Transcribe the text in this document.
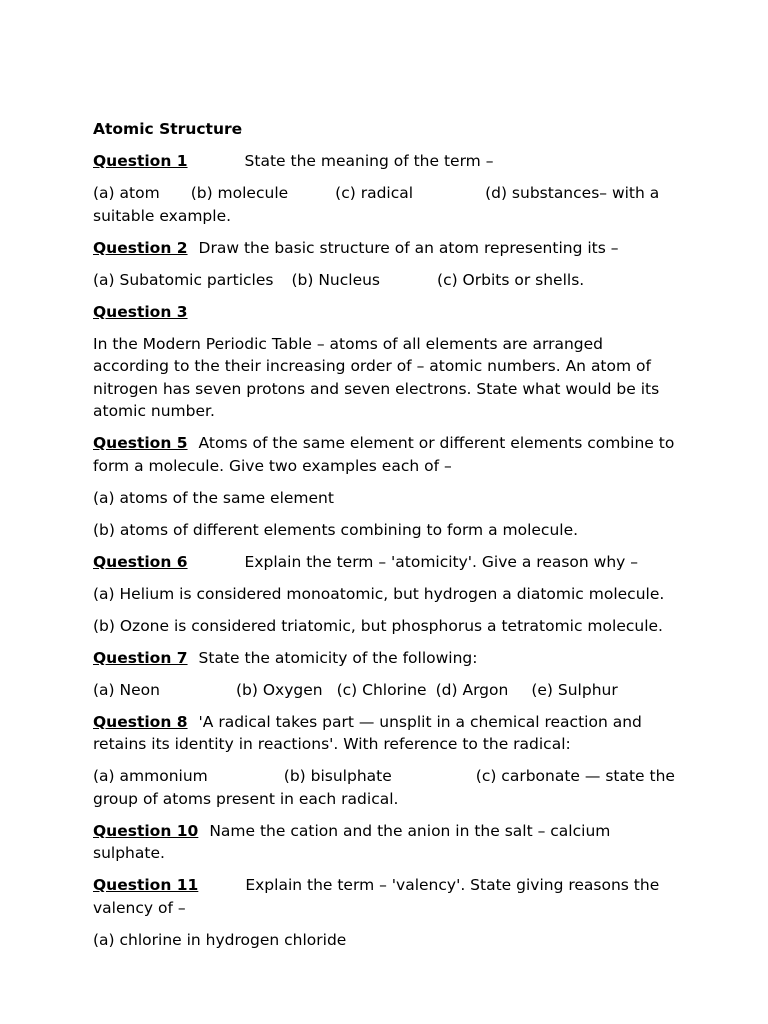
Atomic Structure

Question 1	State the meaning of the term –

(a) atom (b) molecule	(c) radical	(d) substances– with a
suitable example.

Question 2 Draw the basic structure of an atom representing its –

(a) Subatomic particles (b) Nucleus	(c) Orbits or shells.

Question 3

In the Modern Periodic Table – atoms of all elements are arranged according to the their increasing order of – atomic numbers. An atom of nitrogen has seven protons and seven electrons. State what would be its atomic number.

Question 5 Atoms of the same element or different elements combine to form a molecule. Give two examples each of –

(a) atoms of the same element

(b) atoms of different elements combining to form a molecule.

Question 6	Explain the term – 'atomicity'. Give a reason why –

(a) Helium is considered monoatomic, but hydrogen a diatomic molecule.

(b) Ozone is considered triatomic, but phosphorus a tetratomic molecule.

Question 7 State the atomicity of the following:

(a) Neon	(b) Oxygen (c) Chlorine (d) Argon (e) Sulphur

Question 8 'A radical takes part — unsplit in a chemical reaction and retains its identity in reactions'. With reference to the radical:

(a) ammonium	(b) bisulphate	(c) carbonate — state the
group of atoms present in each radical.

Question 10 Name the cation and the anion in the salt – calcium sulphate.

Question 11	Explain the term – 'valency'. State giving reasons the valency of –

(a) chlorine in hydrogen chloride
